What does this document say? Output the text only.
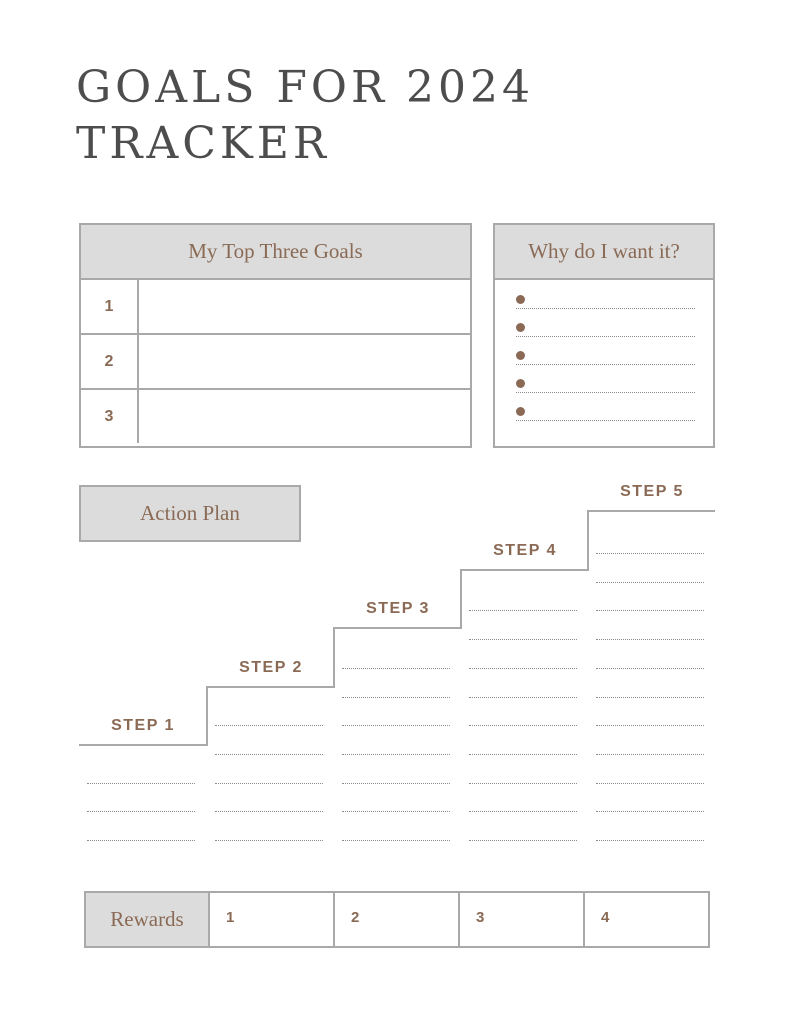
GOALS FOR 2024
TRACKER
My Top Three Goals
1
2
3
Why do I want it?
Action Plan
STEP 1
STEP 2
STEP 3
STEP 4
STEP 5
Rewards	1	2	3	4
